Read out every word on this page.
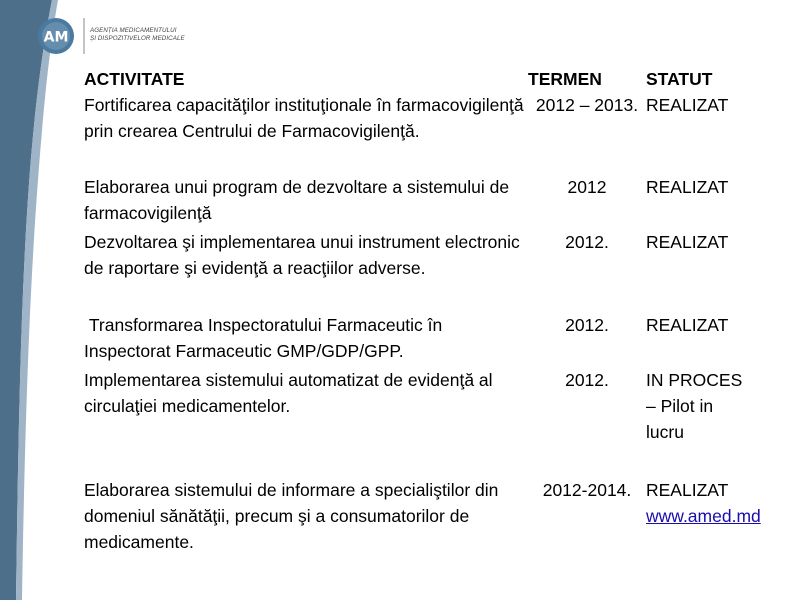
AM	AGENȚIA MEDICAMENTULUI
ȘI DISPOZITIVELOR MEDICALE
ACTIVITATE	TERMEN	STATUT
Fortificarea capacităţilor instituţionale în farmacovigilenţă prin crearea Centrului de Farmacovigilenţă.	2012 – 2013.	REALIZAT
Elaborarea unui program de dezvoltare a sistemului de farmacovigilenţă	2012	REALIZAT
Dezvoltarea şi implementarea unui instrument electronic de raportare şi evidenţă a reacţiilor adverse.	2012.	REALIZAT
Transformarea Inspectoratului Farmaceutic în Inspectorat Farmaceutic GMP/GDP/GPP.	2012.	REALIZAT
Implementarea sistemului automatizat de evidenţă al circulaţiei medicamentelor.	2012.	IN PROCES – Pilot in lucru
Elaborarea sistemului de informare a specialiştilor din domeniul sănătăţii, precum şi a consumatorilor de medicamente.	2012-2014.	REALIZAT
www.amed.md
